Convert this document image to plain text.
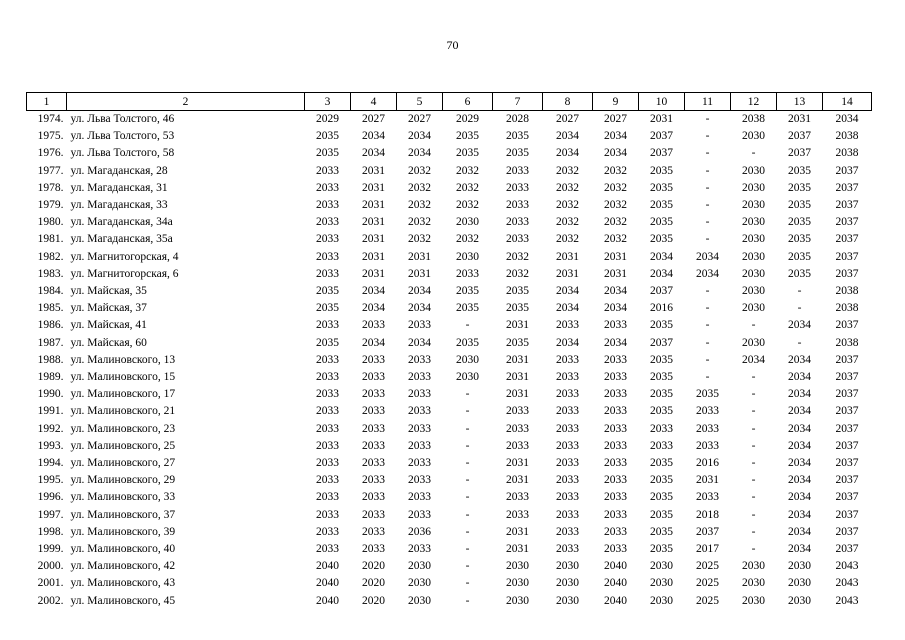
70
1	2	3	4	5	6	7	8	9	10	11	12	13	14
1974.	ул. Льва Толстого, 46	2029	2027	2027	2029	2028	2027	2027	2031	-	2038	2031	2034
1975.	ул. Льва Толстого, 53	2035	2034	2034	2035	2035	2034	2034	2037	-	2030	2037	2038
1976.	ул. Льва Толстого, 58	2035	2034	2034	2035	2035	2034	2034	2037	-	-	2037	2038
1977.	ул. Магаданская, 28	2033	2031	2032	2032	2033	2032	2032	2035	-	2030	2035	2037
1978.	ул. Магаданская, 31	2033	2031	2032	2032	2033	2032	2032	2035	-	2030	2035	2037
1979.	ул. Магаданская, 33	2033	2031	2032	2032	2033	2032	2032	2035	-	2030	2035	2037
1980.	ул. Магаданская, 34а	2033	2031	2032	2030	2033	2032	2032	2035	-	2030	2035	2037
1981.	ул. Магаданская, 35а	2033	2031	2032	2032	2033	2032	2032	2035	-	2030	2035	2037
1982.	ул. Магнитогорская, 4	2033	2031	2031	2030	2032	2031	2031	2034	2034	2030	2035	2037
1983.	ул. Магнитогорская, 6	2033	2031	2031	2033	2032	2031	2031	2034	2034	2030	2035	2037
1984.	ул. Майская, 35	2035	2034	2034	2035	2035	2034	2034	2037	-	2030	-	2038
1985.	ул. Майская, 37	2035	2034	2034	2035	2035	2034	2034	2016	-	2030	-	2038
1986.	ул. Майская, 41	2033	2033	2033	-	2031	2033	2033	2035	-	-	2034	2037
1987.	ул. Майская, 60	2035	2034	2034	2035	2035	2034	2034	2037	-	2030	-	2038
1988.	ул. Малиновского, 13	2033	2033	2033	2030	2031	2033	2033	2035	-	2034	2034	2037
1989.	ул. Малиновского, 15	2033	2033	2033	2030	2031	2033	2033	2035	-	-	2034	2037
1990.	ул. Малиновского, 17	2033	2033	2033	-	2031	2033	2033	2035	2035	-	2034	2037
1991.	ул. Малиновского, 21	2033	2033	2033	-	2033	2033	2033	2035	2033	-	2034	2037
1992.	ул. Малиновского, 23	2033	2033	2033	-	2033	2033	2033	2033	2033	-	2034	2037
1993.	ул. Малиновского, 25	2033	2033	2033	-	2033	2033	2033	2033	2033	-	2034	2037
1994.	ул. Малиновского, 27	2033	2033	2033	-	2031	2033	2033	2035	2016	-	2034	2037
1995.	ул. Малиновского, 29	2033	2033	2033	-	2031	2033	2033	2035	2031	-	2034	2037
1996.	ул. Малиновского, 33	2033	2033	2033	-	2033	2033	2033	2035	2033	-	2034	2037
1997.	ул. Малиновского, 37	2033	2033	2033	-	2033	2033	2033	2035	2018	-	2034	2037
1998.	ул. Малиновского, 39	2033	2033	2036	-	2031	2033	2033	2035	2037	-	2034	2037
1999.	ул. Малиновского, 40	2033	2033	2033	-	2031	2033	2033	2035	2017	-	2034	2037
2000.	ул. Малиновского, 42	2040	2020	2030	-	2030	2030	2040	2030	2025	2030	2030	2043
2001.	ул. Малиновского, 43	2040	2020	2030	-	2030	2030	2040	2030	2025	2030	2030	2043
2002.	ул. Малиновского, 45	2040	2020	2030	-	2030	2030	2040	2030	2025	2030	2030	2043
